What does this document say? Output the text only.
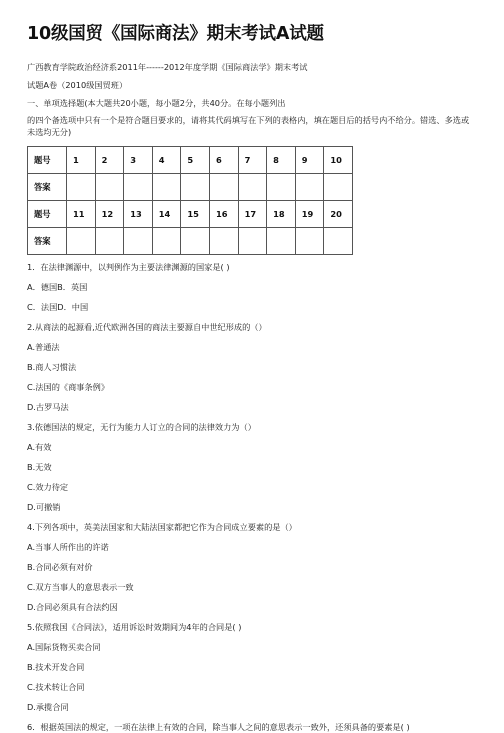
10级国贸《国际商法》期末考试A试题

广西教育学院政治经济系2011年------2012年度学期《国际商法学》期末考试

试题A卷（2010级国贸班）

一、单项选择题(本大题共20小题，每小题2分，共40分。在每小题列出

的四个备选项中只有一个是符合题目要求的，请将其代码填写在下列的表格内，填在题目后的括号内不给分。错选、多选或未选均无分)

题号	1	2	3	4	5	6	7	8	9	10
答案										
题号	11	12	13	14	15	16	17	18	19	20
答案										

1．在法律渊源中，以判例作为主要法律渊源的国家是( )

A．德国B．英国

C．法国D．中国

2.从商法的起源看,近代欧洲各国的商法主要源自中世纪形成的（）

A.普通法

B.商人习惯法

C.法国的《商事条例》

D.古罗马法

3.依德国法的规定，无行为能力人订立的合同的法律效力为（）

A.有效

B.无效

C.效力待定

D.可撤销

4.下列各项中，英美法国家和大陆法国家都把它作为合同成立要素的是（）

A.当事人所作出的许诺

B.合同必须有对价

C.双方当事人的意思表示一致

D.合同必须具有合法约因

5.依照我国《合同法》，适用诉讼时效期间为4年的合同是( )

A.国际货物买卖合同

B.技术开发合同

C.技术转让合同

D.承揽合同

6．根据英国法的规定，一项在法律上有效的合同，除当事人之间的意思表示一致外，还须具备的要素是( )
